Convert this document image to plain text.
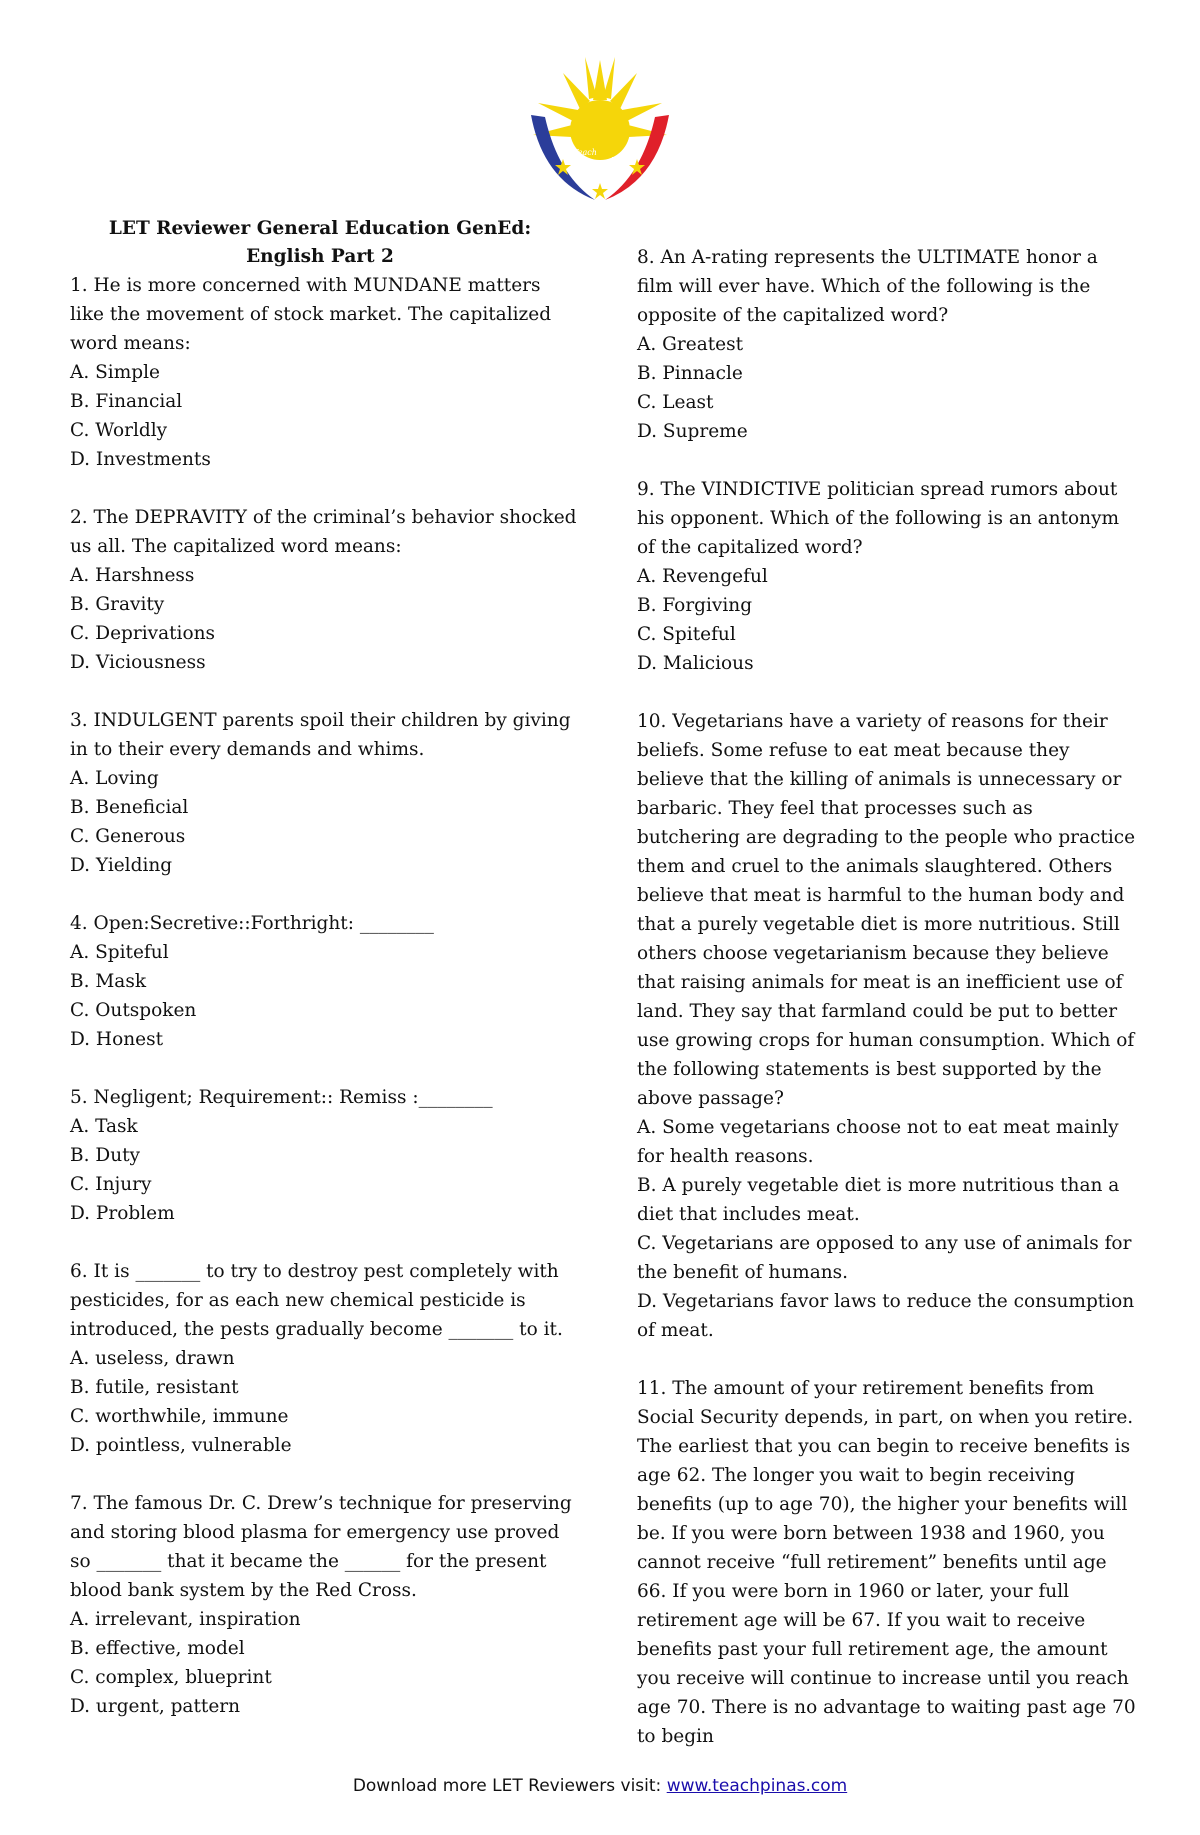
Teach
Pinas
LET Reviewer General Education GenEd:
English Part 2

1. He is more concerned with MUNDANE matters like the movement of stock market. The capitalized word means:

A. Simple

B. Financial

C. Worldly

D. Investments

2. The DEPRAVITY of the criminal’s behavior shocked us all. The capitalized word means:

A. Harshness

B. Gravity

C. Deprivations

D. Viciousness

3. INDULGENT parents spoil their children by giving in to their every demands and whims.

A. Loving

B. Beneficial

C. Generous

D. Yielding

4. Open:Secretive::Forthright: ________

A. Spiteful

B. Mask

C. Outspoken

D. Honest

5. Negligent; Requirement:: Remiss :________

A. Task

B. Duty

C. Injury

D. Problem

6. It is _______ to try to destroy pest completely with pesticides, for as each new chemical pesticide is introduced, the pests gradually become _______ to it.

A. useless, drawn

B. futile, resistant

C. worthwhile, immune

D. pointless, vulnerable

7. The famous Dr. C. Drew’s technique for preserving and storing blood plasma for emergency use proved so _______ that it became the ______ for the present blood bank system by the Red Cross.

A. irrelevant, inspiration

B. effective, model

C. complex, blueprint

D. urgent, pattern

8. An A-rating represents the ULTIMATE honor a film will ever have. Which of the following is the opposite of the capitalized word?

A. Greatest

B. Pinnacle

C. Least

D. Supreme

9. The VINDICTIVE politician spread rumors about his opponent. Which of the following is an antonym of the capitalized word?

A. Revengeful

B. Forgiving

C. Spiteful

D. Malicious

10. Vegetarians have a variety of reasons for their beliefs. Some refuse to eat meat because they believe that the killing of animals is unnecessary or barbaric. They feel that processes such as butchering are degrading to the people who practice them and cruel to the animals slaughtered. Others believe that meat is harmful to the human body and that a purely vegetable diet is more nutritious. Still others choose vegetarianism because they believe that raising animals for meat is an inefficient use of land. They say that farmland could be put to better use growing crops for human consumption. Which of the following statements is best supported by the above passage?

A. Some vegetarians choose not to eat meat mainly for health reasons.

B. A purely vegetable diet is more nutritious than a diet that includes meat.

C. Vegetarians are opposed to any use of animals for the benefit of humans.

D. Vegetarians favor laws to reduce the consumption of meat.

11. The amount of your retirement benefits from Social Security depends, in part, on when you retire. The earliest that you can begin to receive benefits is age 62. The longer you wait to begin receiving benefits (up to age 70), the higher your benefits will be. If you were born between 1938 and 1960, you cannot receive “full retirement” benefits until age 66. If you were born in 1960 or later, your full retirement age will be 67. If you wait to receive benefits past your full retirement age, the amount you receive will continue to increase until you reach age 70. There is no advantage to waiting past age 70 to begin

Download more LET Reviewers visit: www.teachpinas.com
